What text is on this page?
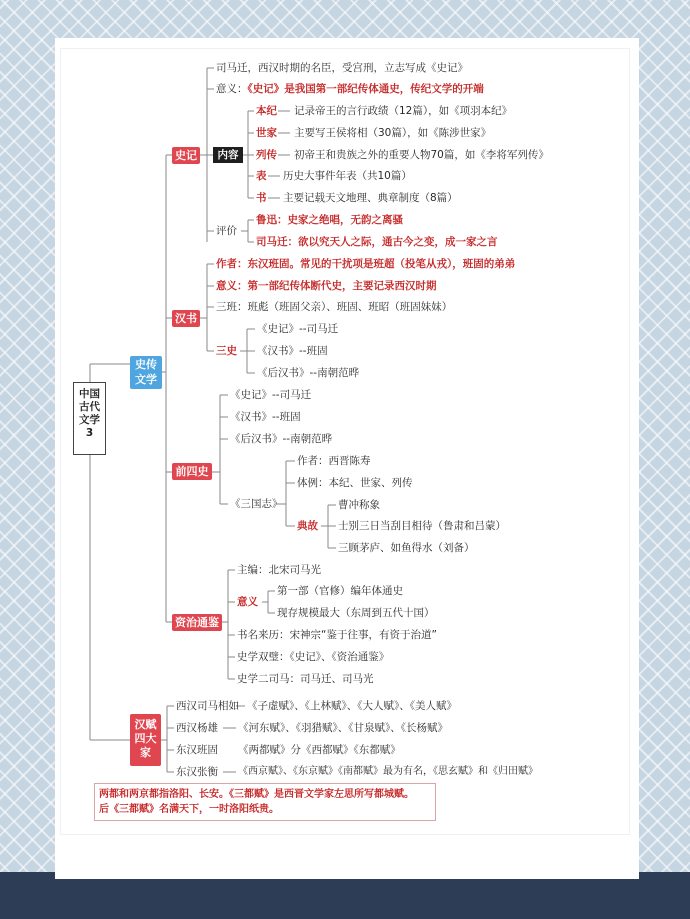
中国
古代
文学
3
史传
文学
汉赋
四大
家
史记
司马迁，西汉时期的名臣，受宫刑，立志写成《史记》
意义：《史记》是我国第一部纪传体通史，传纪文学的开端
内容
本纪 记录帝王的言行政绩（12篇），如《项羽本纪》
世家 主要写王侯将相（30篇），如《陈涉世家》
列传 初帝王和贵族之外的重要人物70篇，如《李将军列传》
表 历史大事件年表（共10篇）
书 主要记载天文地理、典章制度（8篇）
评价
鲁迅：史家之绝唱，无韵之离骚
司马迁：欲以究天人之际，通古今之变，成一家之言
汉书
作者：东汉班固。常见的干扰项是班超（投笔从戎），班固的弟弟
意义：第一部纪传体断代史，主要记录西汉时期
三班：班彪（班固父亲）、班固、班昭（班固妹妹）
三史
《史记》--司马迁
《汉书》--班固
《后汉书》--南朝范晔
前四史
《史记》--司马迁
《汉书》--班固
《后汉书》--南朝范晔
《三国志》
作者：西晋陈寿
体例：本纪、世家、列传
典故
曹冲称象
士别三日当刮目相待（鲁肃和吕蒙）
三顾茅庐、如鱼得水（刘备）
资治通鉴
主编：北宋司马光
意义
第一部（官修）编年体通史
现存规模最大（东周到五代十国）
书名来历：宋神宗“鉴于往事，有资于治道”
史学双璧：《史记》、《资治通鉴》
史学二司马：司马迁、司马光
西汉司马相如 《子虚赋》、《上林赋》、《大人赋》、《美人赋》
西汉杨雄 《河东赋》、《羽猎赋》、《甘泉赋》、《长杨赋》
东汉班固 《两都赋》分《西都赋》《东都赋》
东汉张衡 《西京赋》、《东京赋》《南都赋》最为有名，《思玄赋》和《归田赋》
两都和两京都指洛阳、长安。《三都赋》是西晋文学家左思所写都城赋。
后《三都赋》名满天下，一时洛阳纸贵。
